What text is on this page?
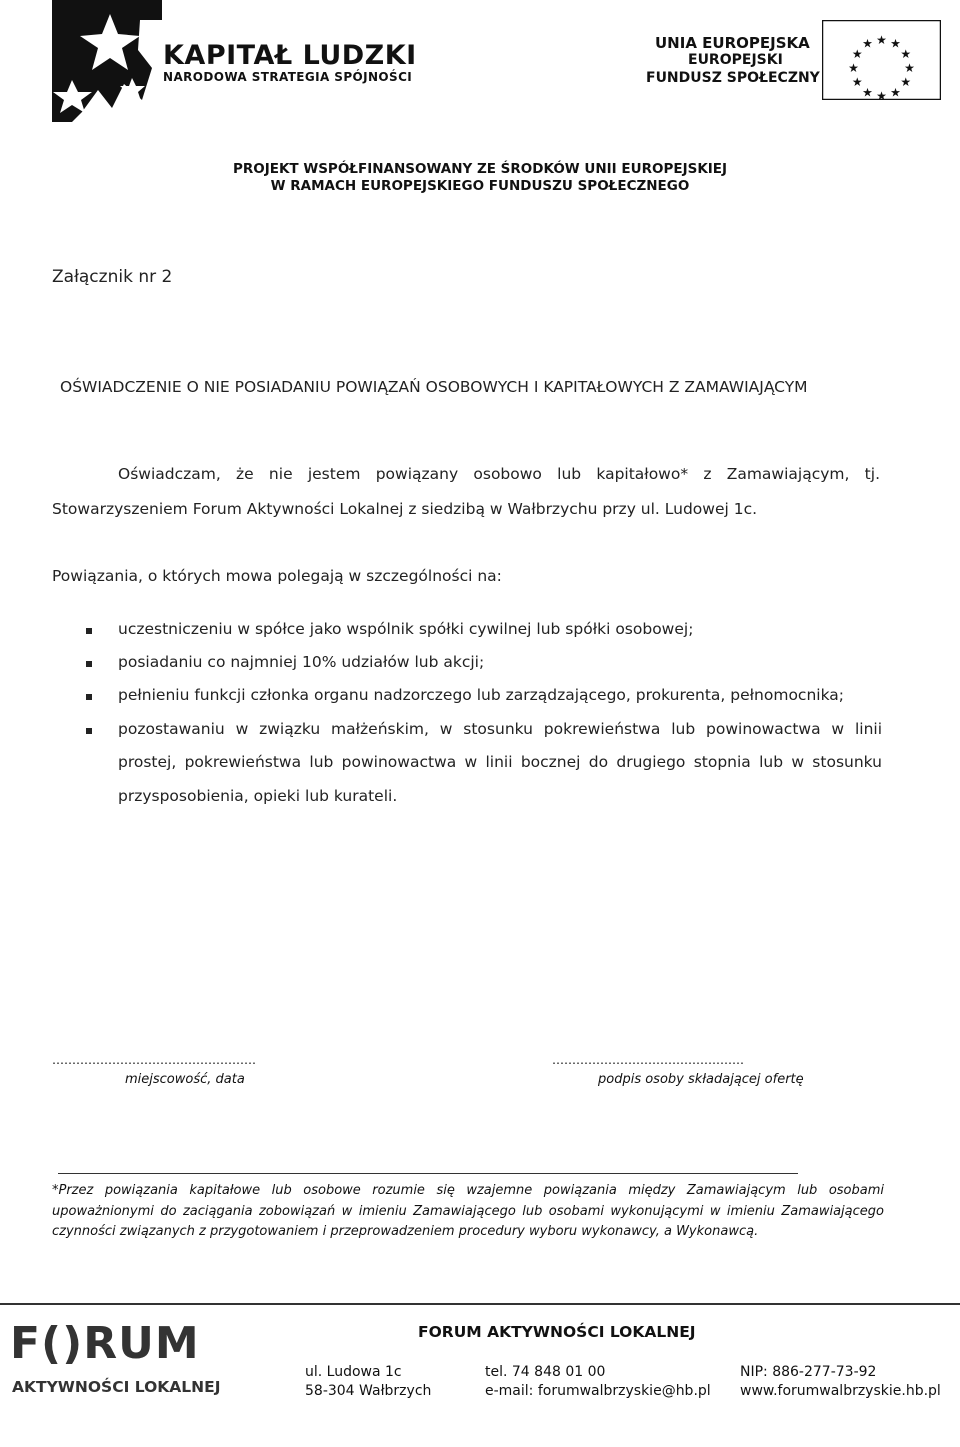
KAPITAŁ LUDZKI
NARODOWA STRATEGIA SPÓJNOŚCI
UNIA EUROPEJSKA
EUROPEJSKI
FUNDUSZ SPOŁECZNY
★ ★
★
★
★
★
★
★
★
★
★
★
PROJEKT WSPÓŁFINANSOWANY ZE ŚRODKÓW UNII EUROPEJSKIEJ
W RAMACH EUROPEJSKIEGO FUNDUSZU SPOŁECZNEGO
Załącznik nr 2
OŚWIADCZENIE O NIE POSIADANIU POWIĄZAŃ OSOBOWYCH I KAPITAŁOWYCH Z ZAMAWIAJĄCYM
Oświadczam, że nie jestem powiązany osobowo lub kapitałowo* z Zamawiającym, tj.
Stowarzyszeniem Forum Aktywności Lokalnej z siedzibą w Wałbrzychu przy ul. Ludowej 1c.
Powiązania, o których mowa polegają w szczególności na:
uczestniczeniu w spółce jako wspólnik spółki cywilnej lub spółki osobowej;
posiadaniu co najmniej 10% udziałów lub akcji;
pełnieniu funkcji członka organu nadzorczego lub zarządzającego, prokurenta, pełnomocnika;
pozostawaniu w związku małżeńskim, w stosunku pokrewieństwa lub powinowactwa w linii
prostej, pokrewieństwa lub powinowactwa w linii bocznej do drugiego stopnia lub w stosunku
przysposobienia, opieki lub kurateli.
……………………………………………	…………………………………………
miejscowość, data	podpis osoby składającej ofertę
*Przez powiązania kapitałowe lub osobowe rozumie się wzajemne powiązania między Zamawiającym lub osobami upoważnionymi do zaciągania zobowiązań w imieniu Zamawiającego lub osobami wykonującymi w imieniu Zamawiającego czynności związanych z przygotowaniem i przeprowadzeniem procedury wyboru wykonawcy, a Wykonawcą.
F()RUM
AKTYWNOŚCI LOKALNEJ
FORUM AKTYWNOŚCI LOKALNEJ
ul. Ludowa 1c
58-304 Wałbrzych
tel. 74 848 01 00
e-mail: forumwalbrzyskie@hb.pl
NIP: 886-277-73-92
www.forumwalbrzyskie.hb.pl
